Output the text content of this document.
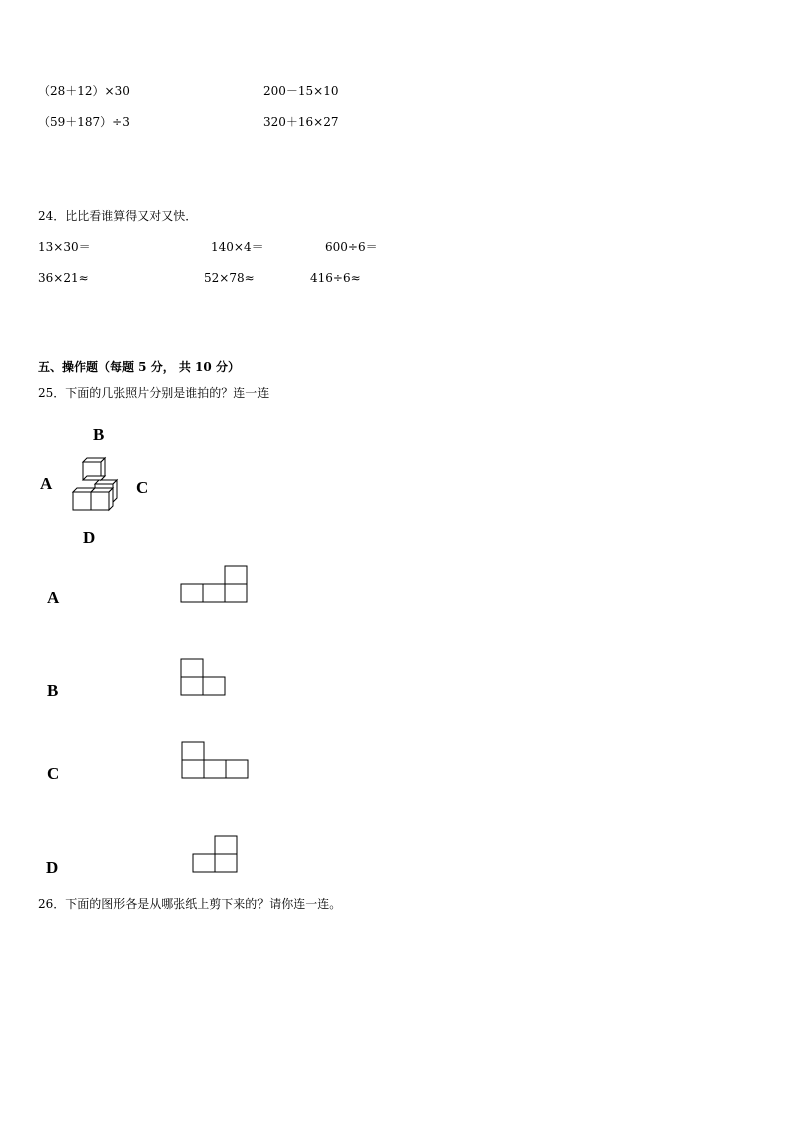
（28＋12）×30	200－15×10
（59＋187）÷3	320＋16×27
24．比比看谁算得又对又快．
13×30＝	140×4＝	600÷6＝
36×21≈	52×78≈	416÷6≈
五、操作题（每题 5 分， 共 10 分）
25．下面的几张照片分别是谁拍的？连一连
B
A	C
D
A
B
C
D
26．下面的图形各是从哪张纸上剪下来的？请你连一连。
